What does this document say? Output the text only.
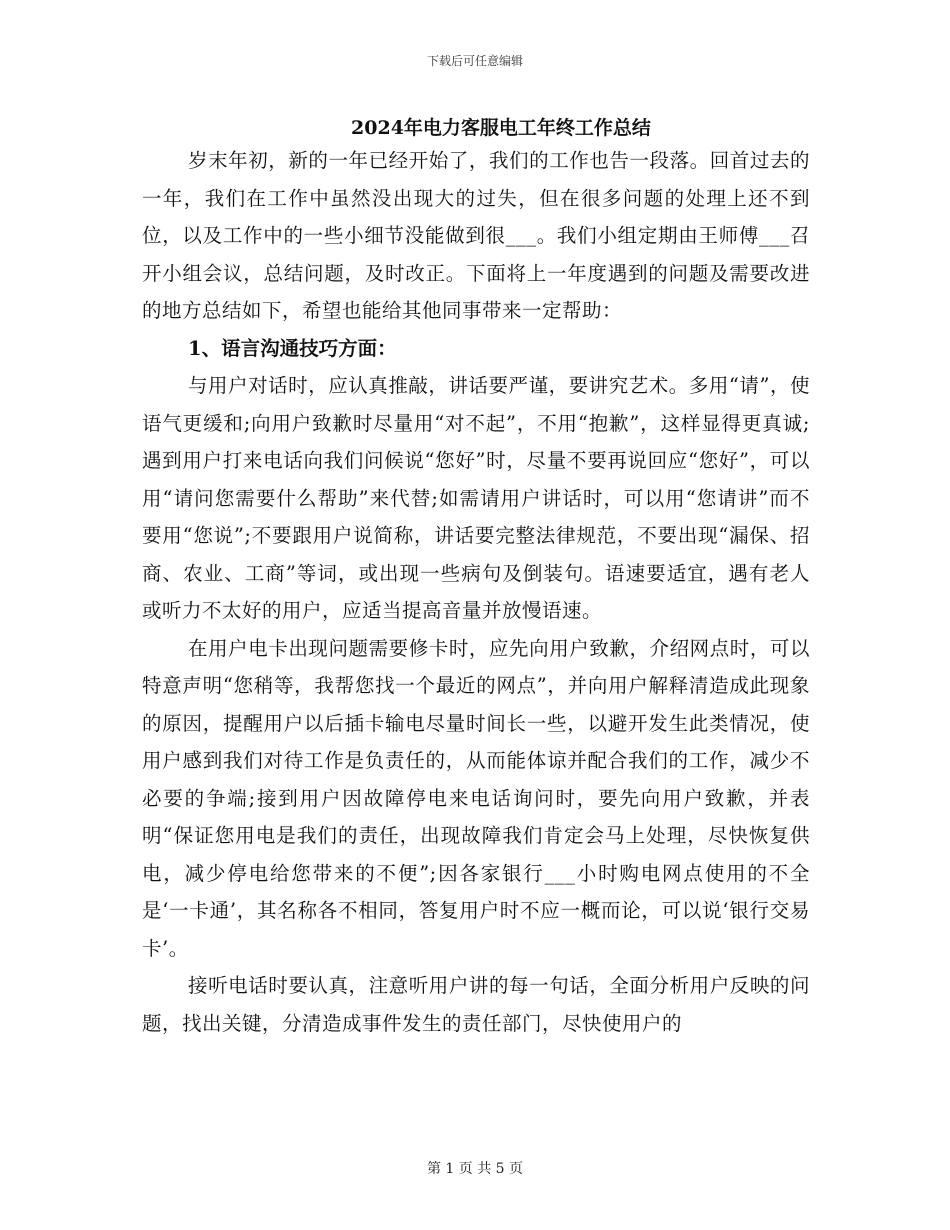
下载后可任意编辑

2024年电力客服电工年终工作总结

岁末年初，新的一年已经开始了，我们的工作也告一段落。回首过去的一年，我们在工作中虽然没出现大的过失，但在很多问题的处理上还不到位，以及工作中的一些小细节没能做到很___。我们小组定期由王师傅___召开小组会议，总结问题，及时改正。下面将上一年度遇到的问题及需要改进的地方总结如下，希望也能给其他同事带来一定帮助：

1、语言沟通技巧方面：

与用户对话时，应认真推敲，讲话要严谨，要讲究艺术。多用“请”，使语气更缓和;向用户致歉时尽量用“对不起”，不用“抱歉”，这样显得更真诚;遇到用户打来电话向我们问候说“您好”时，尽量不要再说回应“您好”，可以用“请问您需要什么帮助”来代替;如需请用户讲话时，可以用“您请讲”而不要用“您说”;不要跟用户说简称，讲话要完整法律规范，不要出现“漏保、招商、农业、工商”等词，或出现一些病句及倒装句。语速要适宜，遇有老人或听力不太好的用户，应适当提高音量并放慢语速。

在用户电卡出现问题需要修卡时，应先向用户致歉，介绍网点时，可以特意声明“您稍等，我帮您找一个最近的网点”，并向用户解释清造成此现象的原因，提醒用户以后插卡输电尽量时间长一些，以避开发生此类情况，使用户感到我们对待工作是负责任的，从而能体谅并配合我们的工作，减少不必要的争端;接到用户因故障停电来电话询问时，要先向用户致歉，并表明“保证您用电是我们的责任，出现故障我们肯定会马上处理，尽快恢复供电，减少停电给您带来的不便”;因各家银行___小时购电网点使用的不全是‘一卡通’，其名称各不相同，答复用户时不应一概而论，可以说‘银行交易卡’。

接听电话时要认真，注意听用户讲的每一句话，全面分析用户反映的问题，找出关键，分清造成事件发生的责任部门，尽快使用户的

第 1 页 共 5 页
